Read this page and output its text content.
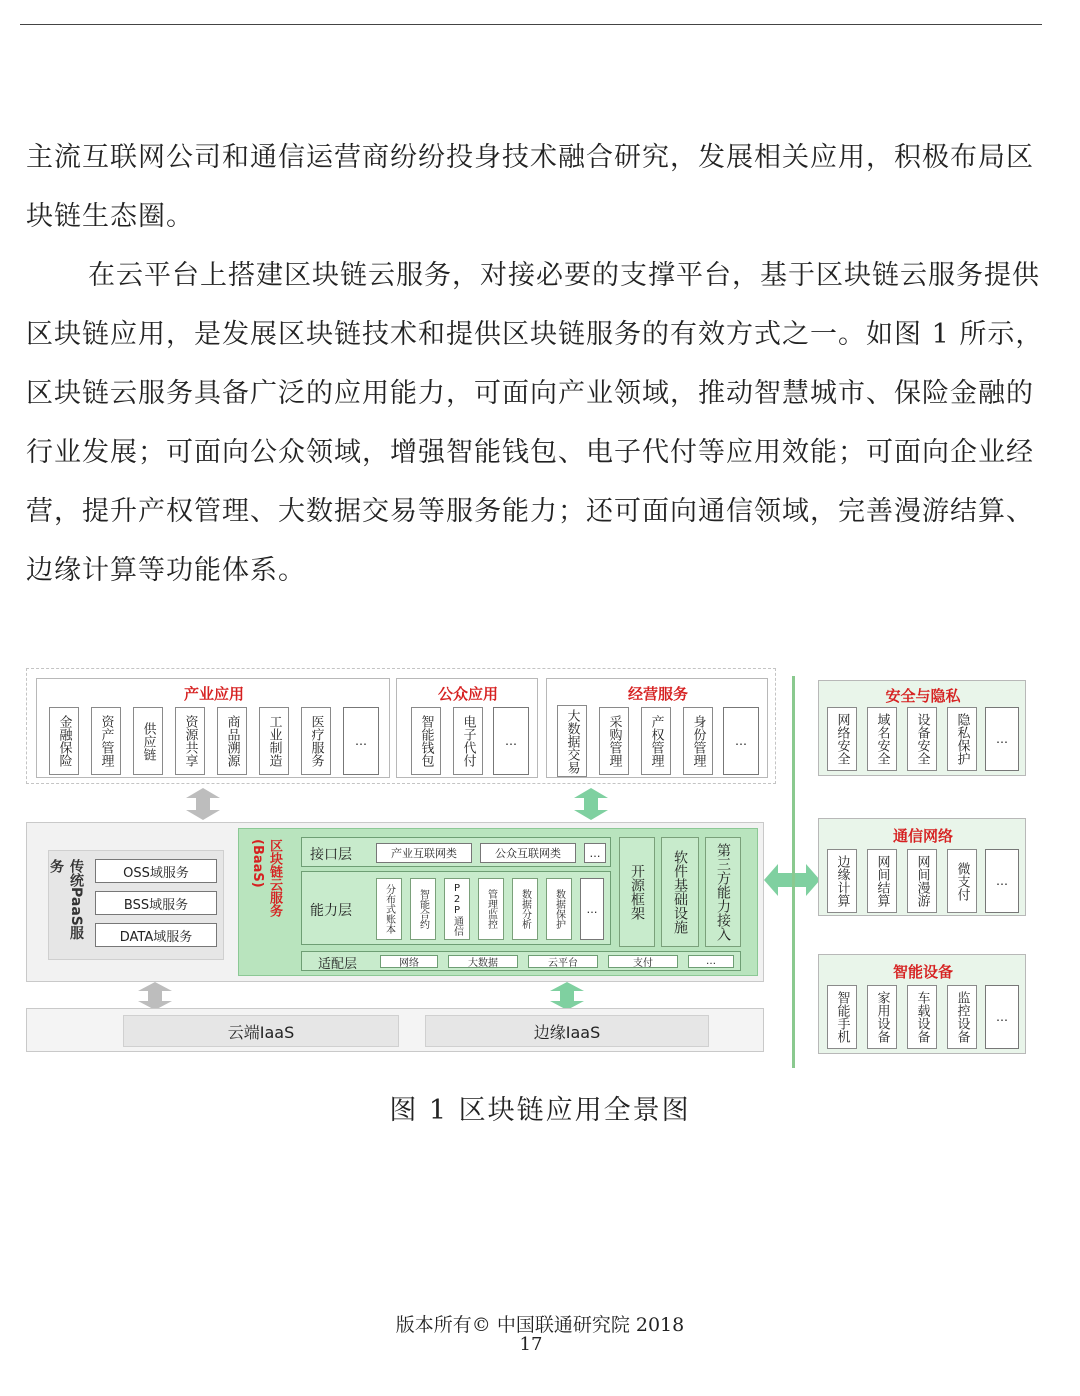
主流互联网公司和通信运营商纷纷投身技术融合研究，发展相关应用，积极布局区块链生态圈。

在云平台上搭建区块链云服务，对接必要的支撑平台，基于区块链云服务提供区块链应用，是发展区块链技术和提供区块链服务的有效方式之一。如图 1 所示，区块链云服务具备广泛的应用能力，可面向产业领域，推动智慧城市、保险金融的行业发展；可面向公众领域，增强智能钱包、电子代付等应用效能；可面向企业经营，提升产权管理、大数据交易等服务能力；还可面向通信领域，完善漫游结算、边缘计算等功能体系。

产业应用
金融保险	资产管理	供应链	资源共享	商品溯源	工业制造	医疗服务	…
公众应用
智能钱包	电子代付	…
经营服务
大数据交易	采购管理	产权管理	身份管理	…
传统PaaS服务	OSS域服务
BSS域服务
DATA域服务
区块链云服务(BaaS)	接口层	产业互联网类	公众互联网类	…
能力层	分布式账本	智能合约	P2P通信	管理监控	数据分析	数据保护	…
适配层	网络	大数据	云平台	支付	…
开源框架	软件基础设施	第三方能力接入
云端IaaS	边缘IaaS
安全与隐私
网络安全	域名安全	设备安全	隐私保护	…
通信网络
边缘计算	网间结算	网间漫游	微支付	…
智能设备
智能手机	家用设备	车载设备	监控设备	…
图 1 区块链应用全景图
版本所有© 中国联通研究院 2018
17
